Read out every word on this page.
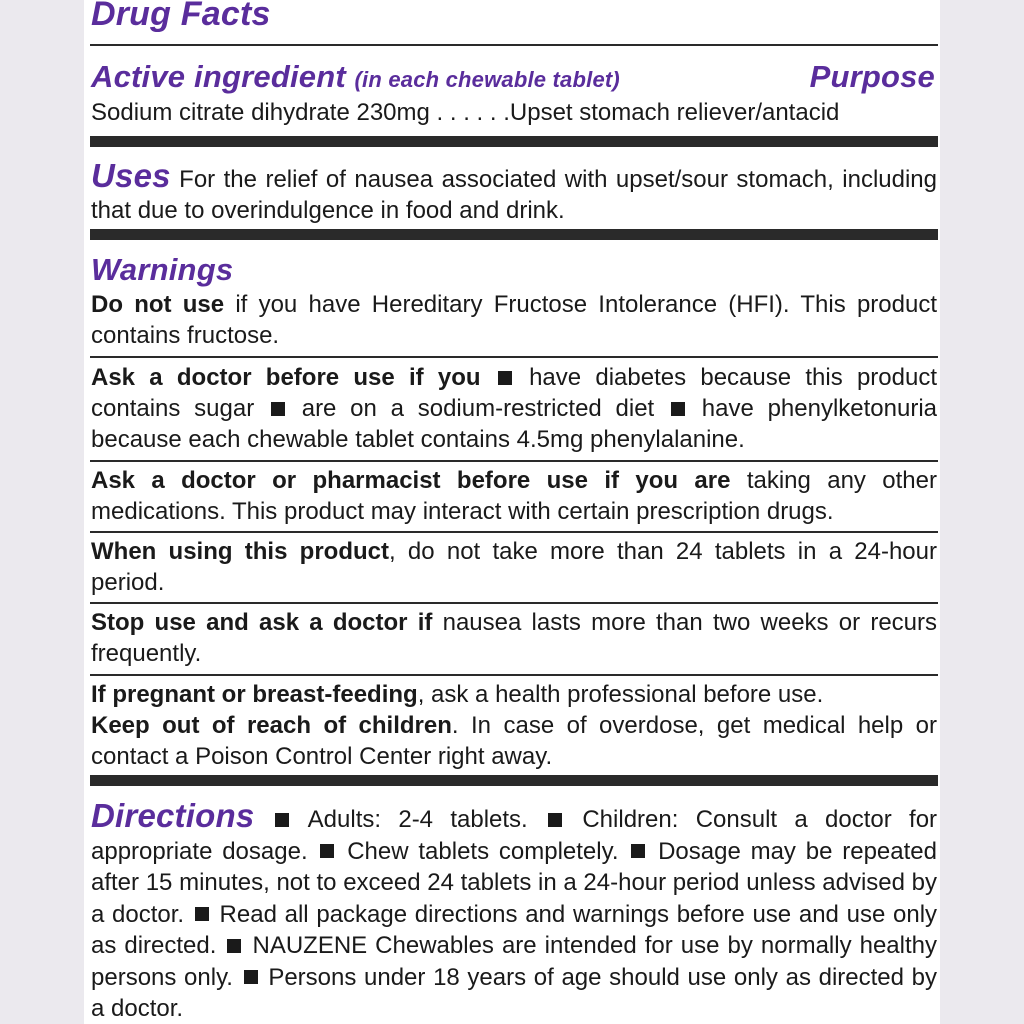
Drug Facts
Active ingredient (in each chewable tablet)	Purpose
Sodium citrate dihydrate 230mg . . . . . .Upset stomach reliever/antacid
Uses For the relief of nausea associated with upset/sour stomach, including that due to overindulgence in food and drink.
Warnings
Do not use if you have Hereditary Fructose Intolerance (HFI). This product contains fructose.
Ask a doctor before use if you have diabetes because this product contains sugar are on a sodium-restricted diet have phenylketonuria because each chewable tablet contains 4.5mg phenylalanine.
Ask a doctor or pharmacist before use if you are taking any other medications. This product may interact with certain prescription drugs.
When using this product, do not take more than 24 tablets in a 24-hour period.
Stop use and ask a doctor if nausea lasts more than two weeks or recurs frequently.
If pregnant or breast-feeding, ask a health professional before use.
Keep out of reach of children. In case of overdose, get medical help or contact a Poison Control Center right away.
Directions Adults: 2-4 tablets. Children: Consult a doctor for appropriate dosage. Chew tablets completely. Dosage may be repeated after 15 minutes, not to exceed 24 tablets in a 24-hour period unless advised by a doctor. Read all package directions and warnings before use and use only as directed. NAUZENE Chewables are intended for use by normally healthy persons only. Persons under 18 years of age should use only as directed by a doctor.
